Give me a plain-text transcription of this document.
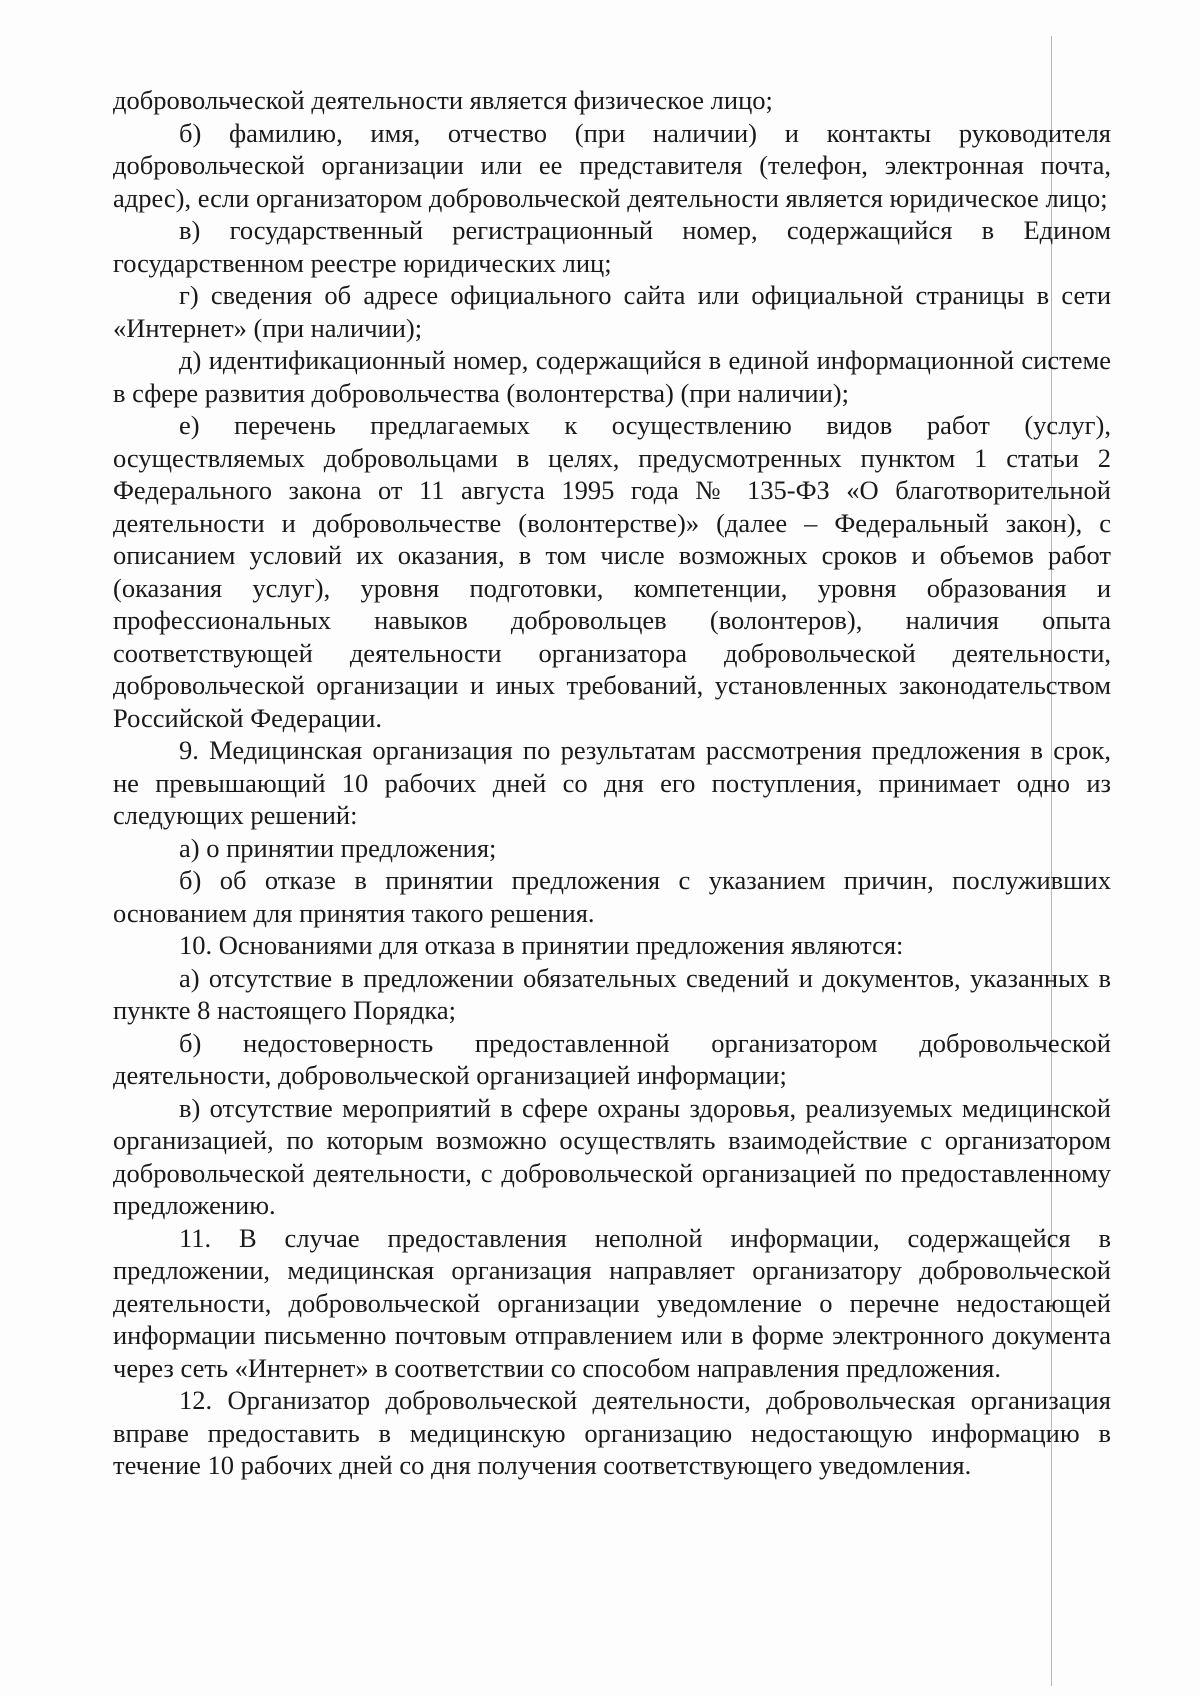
добровольческой деятельности является физическое лицо;

б) фамилию, имя, отчество (при наличии) и контакты руководителя добровольческой организации или ее представителя (телефон, электронная почта, адрес), если организатором добровольческой деятельности является юридическое лицо;

в) государственный регистрационный номер, содержащийся в Едином государственном реестре юридических лиц;

г) сведения об адресе официального сайта или официальной страницы в сети «Интернет» (при наличии);

д) идентификационный номер, содержащийся в единой информационной системе в сфере развития добровольчества (волонтерства) (при наличии);

е) перечень предлагаемых к осуществлению видов работ (услуг), осуществляемых добровольцами в целях, предусмотренных пунктом 1 статьи 2 Федерального закона от 11 августа 1995 года № 135-ФЗ «О благотворительной деятельности и добровольчестве (волонтерстве)» (далее – Федеральный закон), с описанием условий их оказания, в том числе возможных сроков и объемов работ (оказания услуг), уровня подготовки, компетенции, уровня образования и профессиональных навыков добровольцев (волонтеров), наличия опыта соответствующей деятельности организатора добровольческой деятельности, добровольческой организации и иных требований, установленных законодательством Российской Федерации.

9. Медицинская организация по результатам рассмотрения предложения в срок, не превышающий 10 рабочих дней со дня его поступления, принимает одно из следующих решений:

а) о принятии предложения;

б) об отказе в принятии предложения с указанием причин, послуживших основанием для принятия такого решения.

10. Основаниями для отказа в принятии предложения являются:

а) отсутствие в предложении обязательных сведений и документов, указанных в пункте 8 настоящего Порядка;

б) недостоверность предоставленной организатором добровольческой деятельности, добровольческой организацией информации;

в) отсутствие мероприятий в сфере охраны здоровья, реализуемых медицинской организацией, по которым возможно осуществлять взаимодействие с организатором добровольческой деятельности, с добровольческой организацией по предоставленному предложению.

11. В случае предоставления неполной информации, содержащейся в предложении, медицинская организация направляет организатору добровольческой деятельности, добровольческой организации уведомление о перечне недостающей информации письменно почтовым отправлением или в форме электронного документа через сеть «Интернет» в соответствии со способом направления предложения.

12. Организатор добровольческой деятельности, добровольческая организация вправе предоставить в медицинскую организацию недостающую информацию в течение 10 рабочих дней со дня получения соответствующего уведомления.
